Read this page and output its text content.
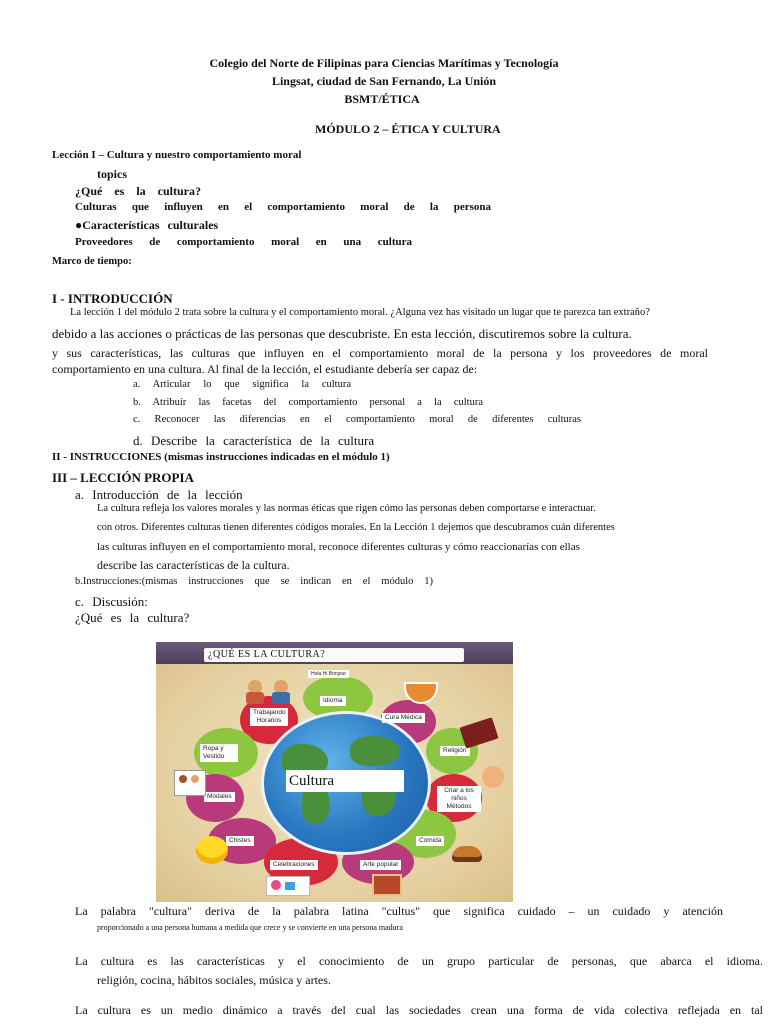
Colegio del Norte de Filipinas para Ciencias Marítimas y Tecnología
Lingsat, ciudad de San Fernando, La Unión
BSMT/ÉTICA
MÓDULO 2 – ÉTICA Y CULTURA
Lección I – Cultura y nuestro comportamiento moral
topics
¿Qué es la cultura?
Culturas que influyen en el comportamiento moral de la persona
●Características culturales
Proveedores de comportamiento moral en una cultura
Marco de tiempo:
I - INTRODUCCIÓN
La lección 1 del módulo 2 trata sobre la cultura y el comportamiento moral. ¿Alguna vez has visitado un lugar que te parezca tan extraño?
debido a las acciones o prácticas de las personas que descubriste. En esta lección, discutiremos sobre la cultura.
y sus características, las culturas que influyen en el comportamiento moral de la persona y los proveedores de moral
comportamiento en una cultura. Al final de la lección, el estudiante debería ser capaz de:
a. Articular lo que significa la cultura
b. Atribuir las facetas del comportamiento personal a la cultura
c. Reconocer las diferencias en el comportamiento moral de diferentes culturas
d. Describe la característica de la cultura
II - INSTRUCCIONES (mismas instrucciones indicadas en el módulo 1)
III – LECCIÓN PROPIA
a. Introducción de la lección
La cultura refleja los valores morales y las normas éticas que rigen cómo las personas deben comportarse e interactuar.
con otros. Diferentes culturas tienen diferentes códigos morales. En la Lección 1 dejemos que descubramos cuán diferentes
las culturas influyen en el comportamiento moral, reconoce diferentes culturas y cómo reaccionarías con ellas
describe las características de la cultura.
b.Instrucciones:(mismas instrucciones que se indican en el módulo 1)
c. Discusión:
¿Qué es la cultura?
¿QUÉ ES LA CULTURA?
Cultura
Idioma
Hola Hi Bonjour
Trabajando Horarios	Cura Médica
Ropa y Vestido
Religión
Modales
Criar a los niños Métodos
Chistes	Comida
Celebraciones	Arte popular
La palabra "cultura" deriva de la palabra latina "cultus" que significa cuidado – un cuidado y atención
proporcionado a una persona humana a medida que crece y se convierte en una persona madura
La cultura es las características y el conocimiento de un grupo particular de personas, que abarca el idioma.
religión, cocina, hábitos sociales, música y artes.
La cultura es un medio dinámico a través del cual las sociedades crean una forma de vida colectiva reflejada en tal
